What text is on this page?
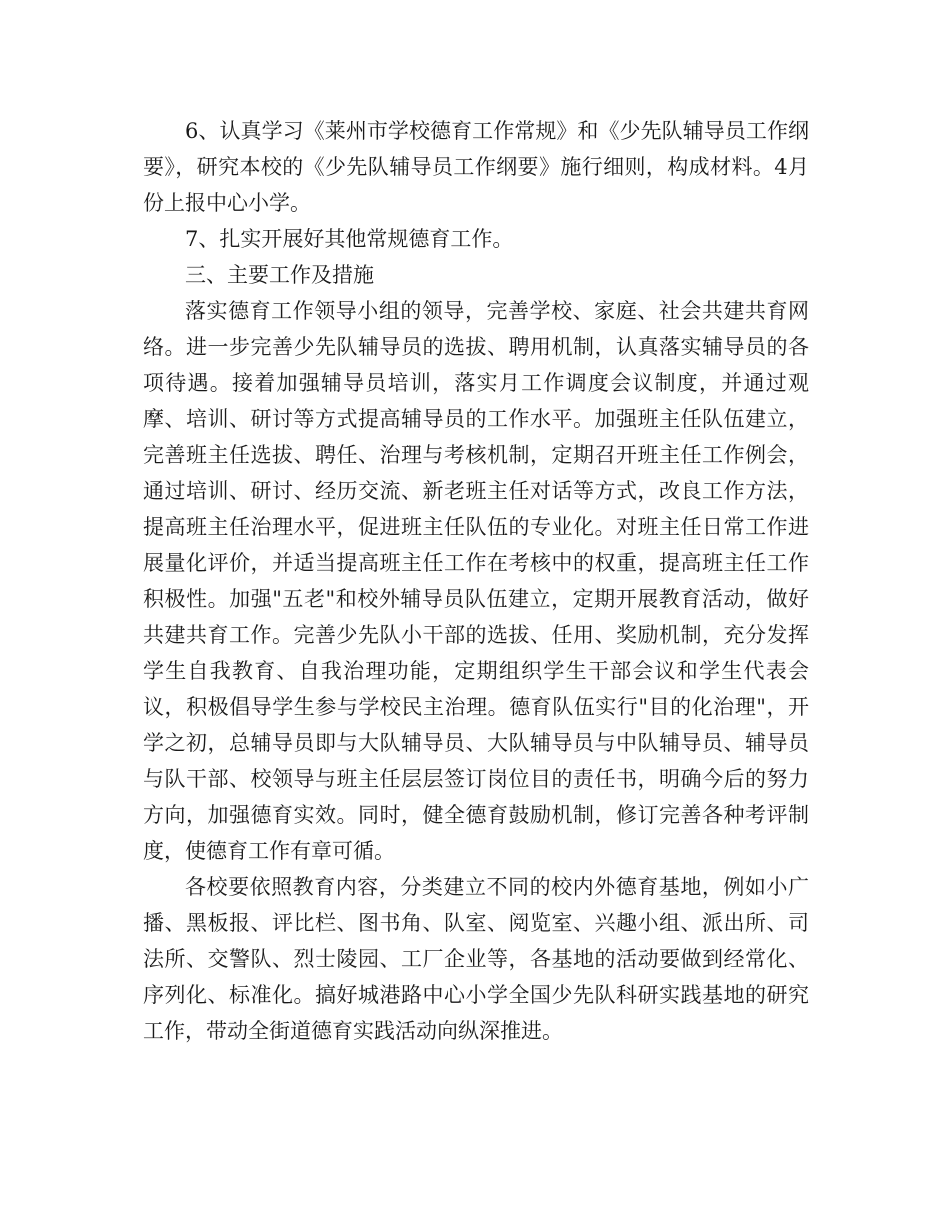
6、认真学习《莱州市学校德育工作常规》和《少先队辅导员工作纲要》，研究本校的《少先队辅导员工作纲要》施行细则，构成材料。4月份上报中心小学。

7、扎实开展好其他常规德育工作。

三、主要工作及措施

落实德育工作领导小组的领导，完善学校、家庭、社会共建共育网络。进一步完善少先队辅导员的选拔、聘用机制，认真落实辅导员的各项待遇。接着加强辅导员培训，落实月工作调度会议制度，并通过观摩、培训、研讨等方式提高辅导员的工作水平。加强班主任队伍建立，完善班主任选拔、聘任、治理与考核机制，定期召开班主任工作例会，通过培训、研讨、经历交流、新老班主任对话等方式，改良工作方法，提高班主任治理水平，促进班主任队伍的专业化。对班主任日常工作进展量化评价，并适当提高班主任工作在考核中的权重，提高班主任工作积极性。加强"五老"和校外辅导员队伍建立，定期开展教育活动，做好共建共育工作。完善少先队小干部的选拔、任用、奖励机制，充分发挥学生自我教育、自我治理功能，定期组织学生干部会议和学生代表会议，积极倡导学生参与学校民主治理。德育队伍实行"目的化治理"，开学之初，总辅导员即与大队辅导员、大队辅导员与中队辅导员、辅导员与队干部、校领导与班主任层层签订岗位目的责任书，明确今后的努力方向，加强德育实效。同时，健全德育鼓励机制，修订完善各种考评制度，使德育工作有章可循。

各校要依照教育内容，分类建立不同的校内外德育基地，例如小广播、黑板报、评比栏、图书角、队室、阅览室、兴趣小组、派出所、司法所、交警队、烈士陵园、工厂企业等，各基地的活动要做到经常化、序列化、标准化。搞好城港路中心小学全国少先队科研实践基地的研究工作，带动全街道德育实践活动向纵深推进。
